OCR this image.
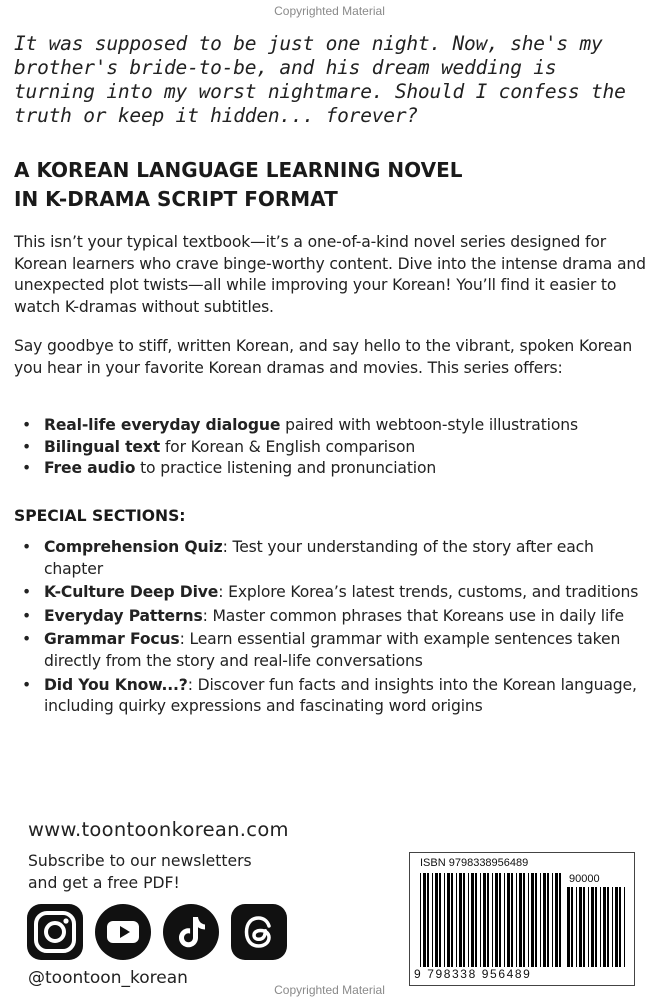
Copyrighted Material
It was supposed to be just one night. Now, she's my brother's bride-to-be, and his dream wedding is turning into my worst nightmare. Should I confess the truth or keep it hidden... forever?
A KOREAN LANGUAGE LEARNING NOVEL
IN K-DRAMA SCRIPT FORMAT
This isn’t your typical textbook—it’s a one-of-a-kind novel series designed for Korean learners who crave binge-worthy content. Dive into the intense drama and unexpected plot twists—all while improving your Korean! You’ll find it easier to watch K-dramas without subtitles.
Say goodbye to stiff, written Korean, and say hello to the vibrant, spoken Korean you hear in your favorite Korean dramas and movies. This series offers:
• Real-life everyday dialogue paired with webtoon-style illustrations
• Bilingual text for Korean & English comparison
• Free audio to practice listening and pronunciation
SPECIAL SECTIONS:
• Comprehension Quiz: Test your understanding of the story after each chapter
• K-Culture Deep Dive: Explore Korea’s latest trends, customs, and traditions
• Everyday Patterns: Master common phrases that Koreans use in daily life
• Grammar Focus: Learn essential grammar with example sentences taken directly from the story and real-life conversations
• Did You Know...?: Discover fun facts and insights into the Korean language, including quirky expressions and fascinating word origins
www.toontoonkorean.com
Subscribe to our newsletters
and get a free PDF!
@toontoon_korean
ISBN 9798338956489
90000
9 798338 956489
Copyrighted Material
